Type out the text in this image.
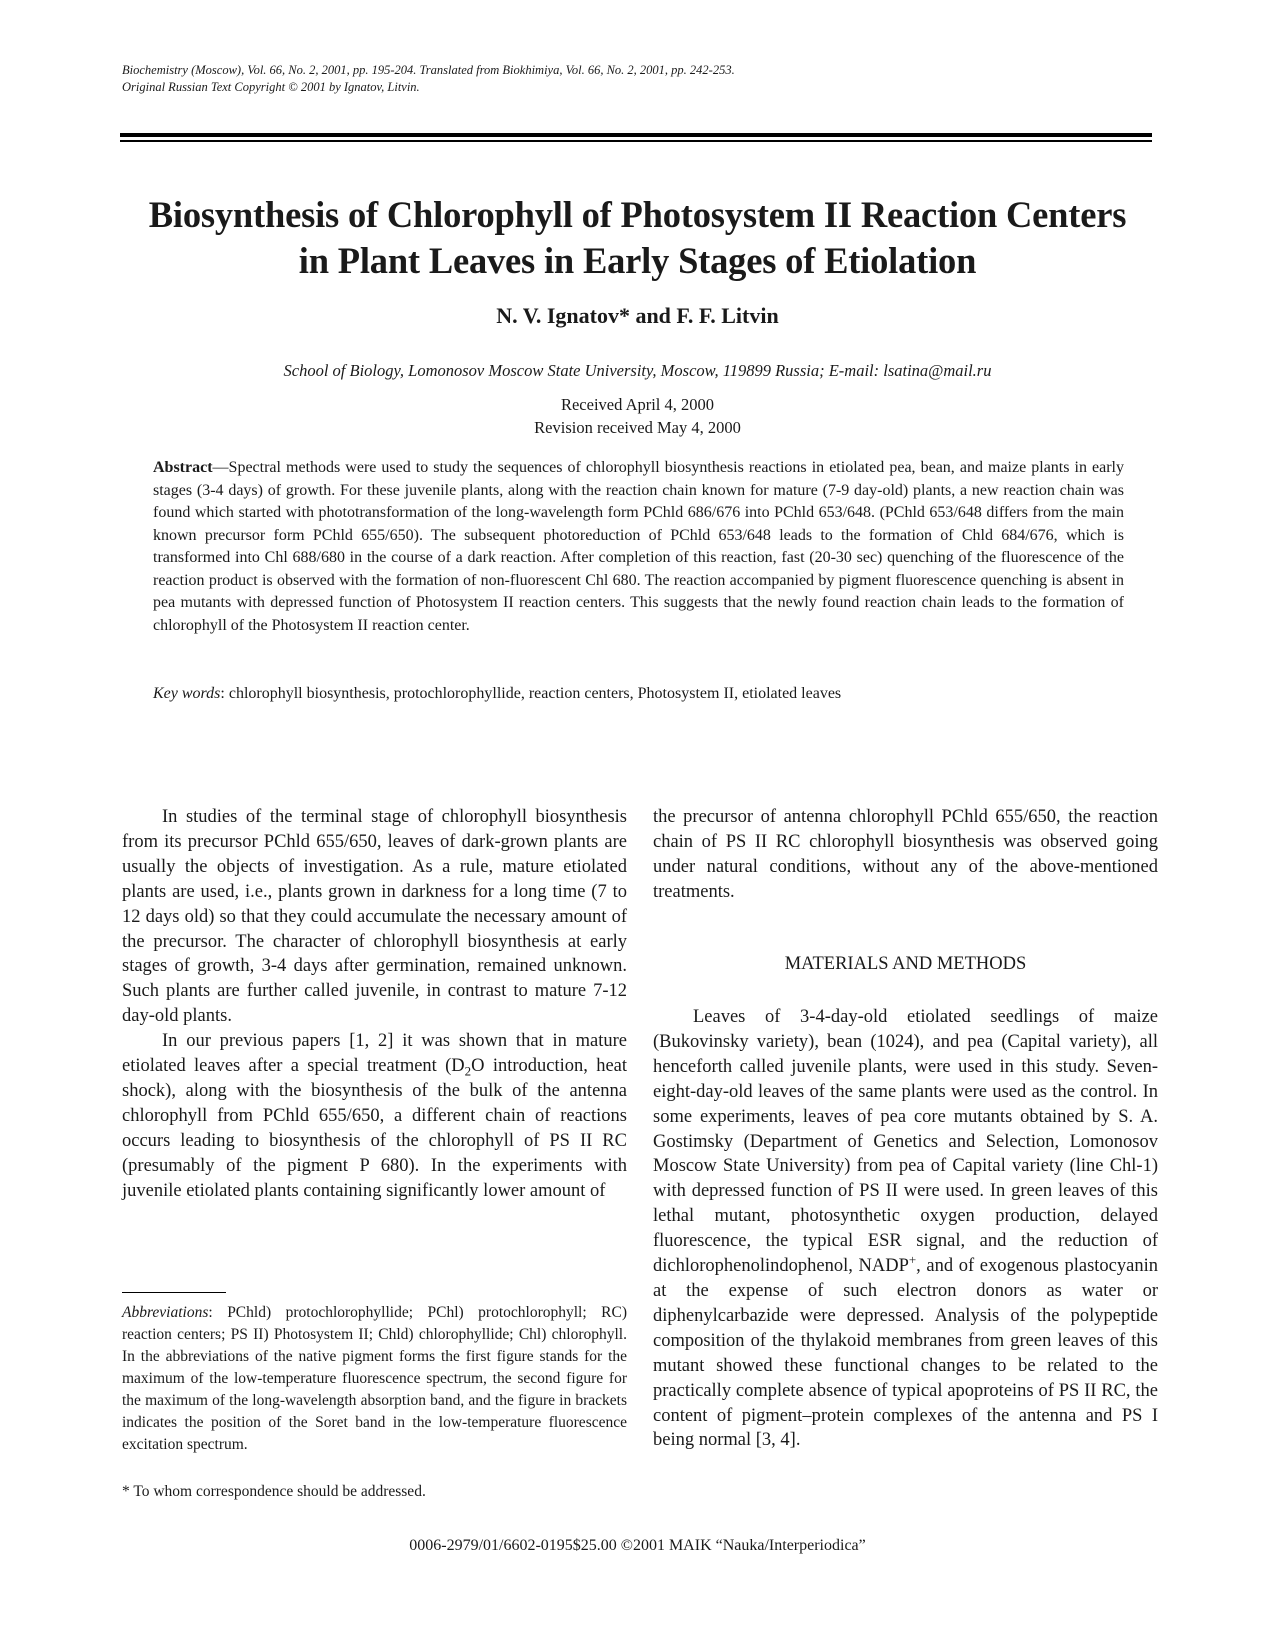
Biochemistry (Moscow), Vol. 66, No. 2, 2001, pp. 195-204. Translated from Biokhimiya, Vol. 66, No. 2, 2001, pp. 242-253.
Original Russian Text Copyright © 2001 by Ignatov, Litvin.
Biosynthesis of Chlorophyll of Photosystem II Reaction Centers
in Plant Leaves in Early Stages of Etiolation
N. V. Ignatov* and F. F. Litvin
School of Biology, Lomonosov Moscow State University, Moscow, 119899 Russia; E-mail: lsatina@mail.ru
Received April 4, 2000
Revision received May 4, 2000
Abstract—Spectral methods were used to study the sequences of chlorophyll biosynthesis reactions in etiolated pea, bean, and maize plants in early stages (3-4 days) of growth. For these juvenile plants, along with the reaction chain known for mature (7-9 day-old) plants, a new reaction chain was found which started with phototransformation of the long-wavelength form PChld 686/676 into PChld 653/648. (PChld 653/648 differs from the main known precursor form PChld 655/650). The subsequent photoreduction of PChld 653/648 leads to the formation of Chld 684/676, which is transformed into Chl 688/680 in the course of a dark reaction. After completion of this reaction, fast (20-30 sec) quenching of the fluorescence of the reaction product is observed with the formation of non-fluorescent Chl 680. The reaction accompanied by pigment fluorescence quenching is absent in pea mutants with depressed function of Photosystem II reaction centers. This suggests that the newly found reaction chain leads to the formation of chlorophyll of the Photosystem II reaction center.
Key words: chlorophyll biosynthesis, protochlorophyllide, reaction centers, Photosystem II, etiolated leaves

In studies of the terminal stage of chlorophyll biosynthesis from its precursor PChld 655/650, leaves of dark-grown plants are usually the objects of investigation. As a rule, mature etiolated plants are used, i.e., plants grown in darkness for a long time (7 to 12 days old) so that they could accumulate the necessary amount of the precursor. The character of chlorophyll biosynthesis at early stages of growth, 3-4 days after germination, remained unknown. Such plants are further called juvenile, in contrast to mature 7-12 day-old plants.

In our previous papers [1, 2] it was shown that in mature etiolated leaves after a special treatment ($D_2O$ introduction, heat shock), along with the biosynthesis of the bulk of the antenna chlorophyll from PChld 655/650, a different chain of reactions occurs leading to biosynthesis of the chlorophyll of PS II RC (presumably of the pigment P 680). In the experiments with juvenile etiolated plants containing significantly lower amount of

MATERIALS AND METHODS

Leaves of 3-4-day-old etiolated seedlings of maize (Bukovinsky variety), bean (1024), and pea (Capital variety), all henceforth called juvenile plants, were used in this study. Seven-eight-day-old leaves of the same plants were used as the control. In some experiments, leaves of pea core mutants obtained by S. A. Gostimsky (Department of Genetics and Selection, Lomonosov Moscow State University) from pea of Capital variety (line Chl-1) with depressed function of PS II were used. In green leaves of this lethal mutant, photosynthetic oxygen production, delayed fluorescence, the typical ESR signal, and the reduction of dichlorophenolindophenol, NADP+, and of exogenous plastocyanin at the expense of such electron donors as water or diphenylcarbazide were depressed. Analysis of the polypeptide composition of the thylakoid membranes from green leaves of this mutant showed these functional changes to be related to the practically complete absence of typical apoproteins of PS II RC, the content of pigment–protein complexes of the antenna and PS I being normal [3, 4].

Abbreviations: PChld) protochlorophyllide; PChl) protochlorophyll; RC) reaction centers; PS II) Photosystem II; Chld) chlorophyllide; Chl) chlorophyll. In the abbreviations of the native pigment forms the first figure stands for the maximum of the low-temperature fluorescence spectrum, the second figure for the maximum of the long-wavelength absorption band, and the figure in brackets indicates the position of the Soret band in the low-temperature fluorescence excitation spectrum.
* To whom correspondence should be addressed.
0006-2979/01/6602-0195$25.00 ©2001 MAIK “Nauka/Interperiodica”

the precursor of antenna chlorophyll PChld 655/650, the reaction chain of PS II RC chlorophyll biosynthesis was observed going under natural conditions, without any of the above-mentioned treatments.
